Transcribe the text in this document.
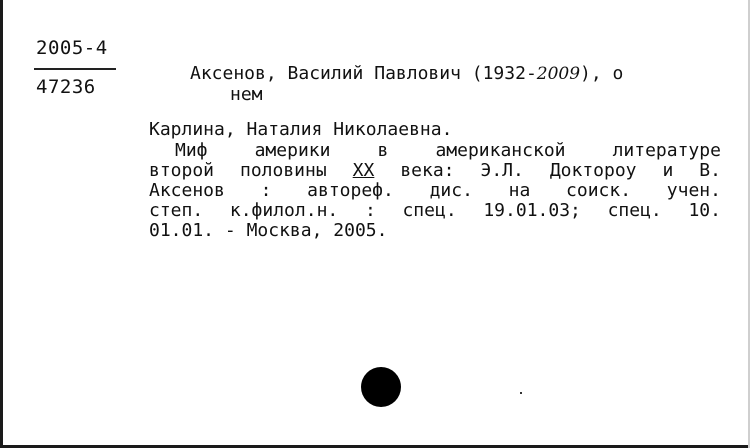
2005-4
47236
Аксенов, Василий Павлович (1932-2009), о
нем
Карлина, Наталия Николаевна.
Миф	америки	в	американской	литературе
второй половины XX века: Э.Л. Доктороу и В.
Аксенов : автореф. дис. на соиск. учен.
степ. к.филол.н. : спец. 19.01.03; спец. 10.
01.01.
-
Москва,
2005.
